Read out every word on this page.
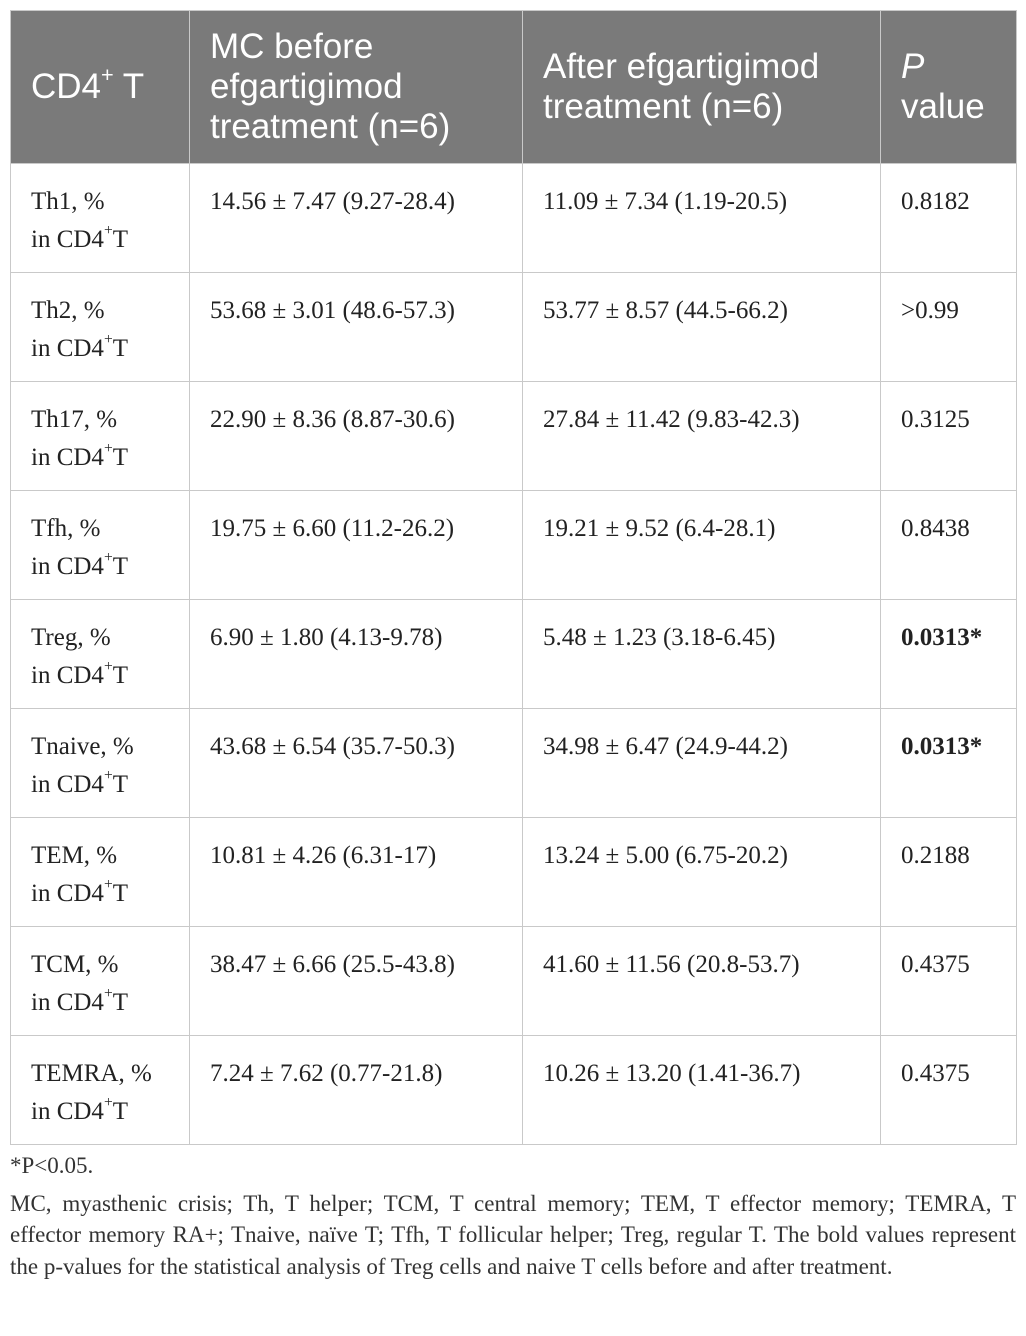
CD4+ T	MC before efgartigimod treatment (n=6)	After efgartigimod treatment (n=6)	P value
Th1, %
in CD4+T	14.56 ± 7.47 (9.27-28.4)	11.09 ± 7.34 (1.19-20.5)	0.8182
Th2, %
in CD4+T	53.68 ± 3.01 (48.6-57.3)	53.77 ± 8.57 (44.5-66.2)	>0.99
Th17, %
in CD4+T	22.90 ± 8.36 (8.87-30.6)	27.84 ± 11.42 (9.83-42.3)	0.3125
Tfh, %
in CD4+T	19.75 ± 6.60 (11.2-26.2)	19.21 ± 9.52 (6.4-28.1)	0.8438
Treg, %
in CD4+T	6.90 ± 1.80 (4.13-9.78)	5.48 ± 1.23 (3.18-6.45)	0.0313*
Tnaive, %
in CD4+T	43.68 ± 6.54 (35.7-50.3)	34.98 ± 6.47 (24.9-44.2)	0.0313*
TEM, %
in CD4+T	10.81 ± 4.26 (6.31-17)	13.24 ± 5.00 (6.75-20.2)	0.2188
TCM, %
in CD4+T	38.47 ± 6.66 (25.5-43.8)	41.60 ± 11.56 (20.8-53.7)	0.4375
TEMRA, %
in CD4+T	7.24 ± 7.62 (0.77-21.8)	10.26 ± 13.20 (1.41-36.7)	0.4375

*P<0.05.

MC, myasthenic crisis; Th, T helper; TCM, T central memory; TEM, T effector memory; TEMRA, T effector memory RA+; Tnaive, naïve T; Tfh, T follicular helper; Treg, regular T. The bold values represent the p-values for the statistical analysis of Treg cells and naive T cells before and after treatment.
